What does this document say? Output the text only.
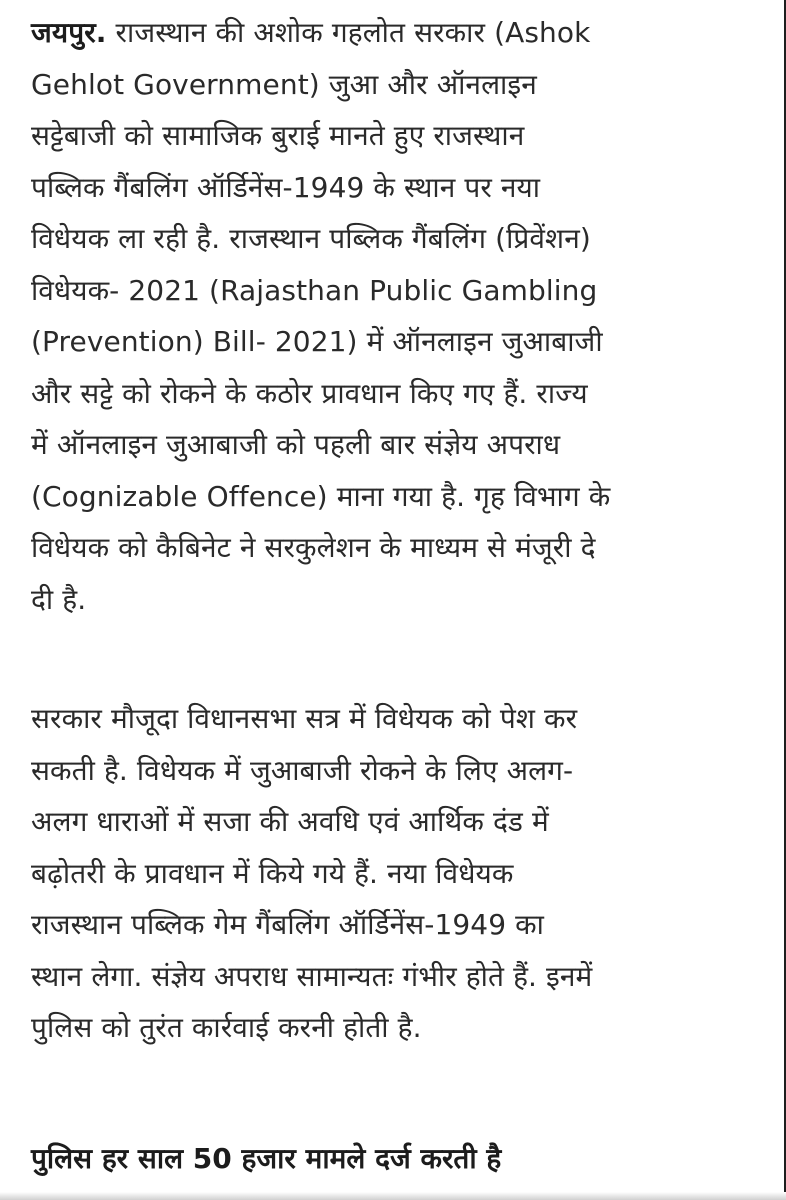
जयपुर. राजस्थान की अशोक गहलोत सरकार (Ashok
Gehlot Government) जुआ और ऑनलाइन
सट्टेबाजी को सामाजिक बुराई मानते हुए राजस्थान
पब्लिक गैंबलिंग ऑर्डिनेंस-1949 के स्थान पर नया
विधेयक ला रही है. राजस्थान पब्लिक गैंबलिंग (प्रिवेंशन)
विधेयक- 2021 (Rajasthan Public Gambling
(Prevention) Bill- 2021) में ऑनलाइन जुआबाजी
और सट्टे को रोकने के कठोर प्रावधान किए गए हैं. राज्य
में ऑनलाइन जुआबाजी को पहली बार संज्ञेय अपराध
(Cognizable Offence) माना गया है. गृह विभाग के
विधेयक को कैबिनेट ने सरकुलेशन के माध्यम से मंजूरी दे
दी है.
सरकार मौजूदा विधानसभा सत्र में विधेयक को पेश कर
सकती है. विधेयक में जुआबाजी रोकने के लिए अलग-
अलग धाराओं में सजा की अवधि एवं आर्थिक दंड में
बढ़ोतरी के प्रावधान में किये गये हैं. नया विधेयक
राजस्थान पब्लिक गेम गैंबलिंग ऑर्डिनेंस-1949 का
स्थान लेगा. संज्ञेय अपराध सामान्यतः गंभीर होते हैं. इनमें
पुलिस को तुरंत कार्रवाई करनी होती है.
पुलिस हर साल 50 हजार मामले दर्ज करती है
